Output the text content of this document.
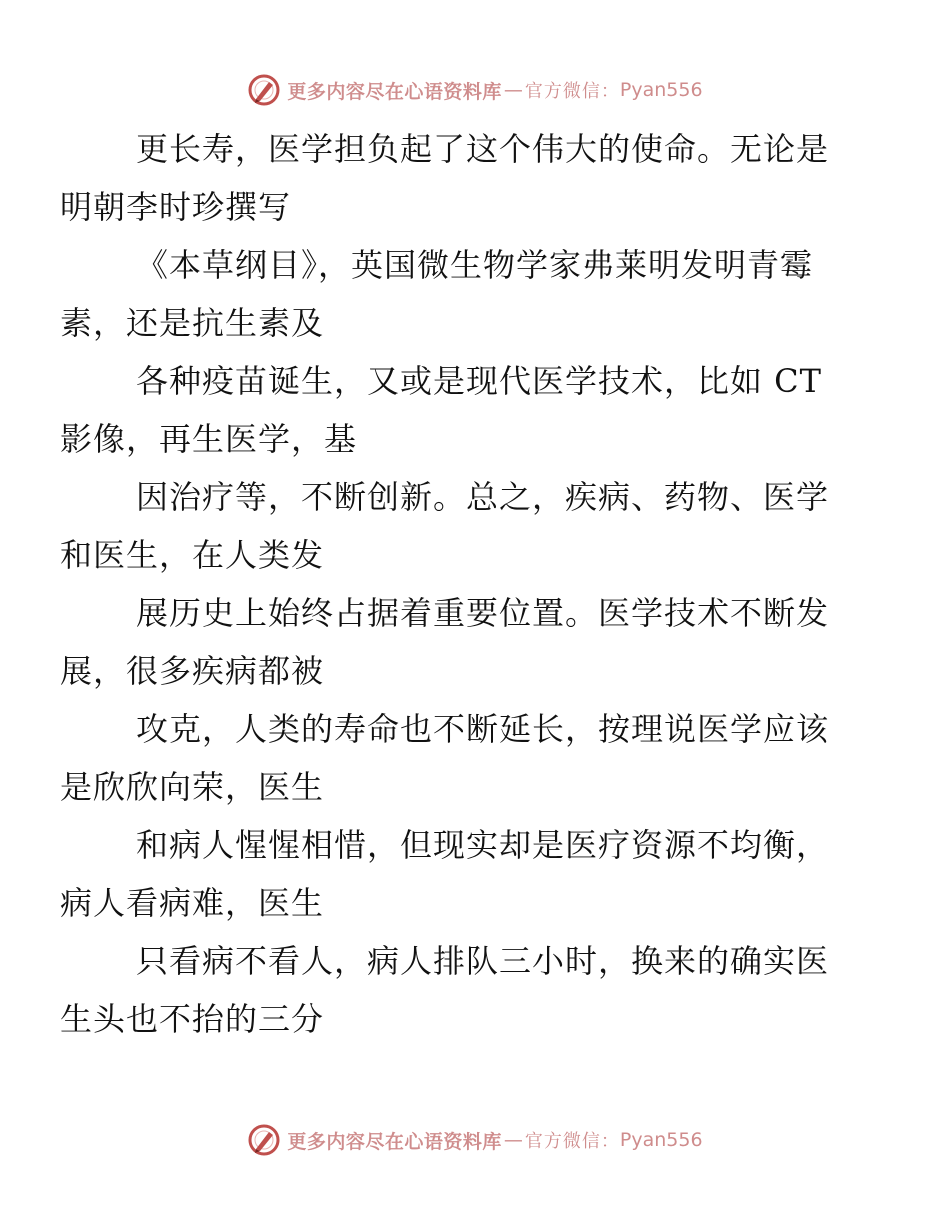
更多内容尽在心语资料库 — 官方微信： Pyan556

更长寿，医学担负起了这个伟大的使命。无论是
明朝李时珍撰写

《本草纲目》，英国微生物学家弗莱明发明青霉
素，还是抗生素及

各种疫苗诞生，又或是现代医学技术，比如 CT
影像，再生医学，基

因治疗等，不断创新。总之，疾病、药物、医学
和医生，在人类发

展历史上始终占据着重要位置。医学技术不断发
展，很多疾病都被

攻克，人类的寿命也不断延长，按理说医学应该
是欣欣向荣，医生

和病人惺惺相惜，但现实却是医疗资源不均衡，
病人看病难，医生

只看病不看人，病人排队三小时，换来的确实医
生头也不抬的三分

更多内容尽在心语资料库 — 官方微信： Pyan556
